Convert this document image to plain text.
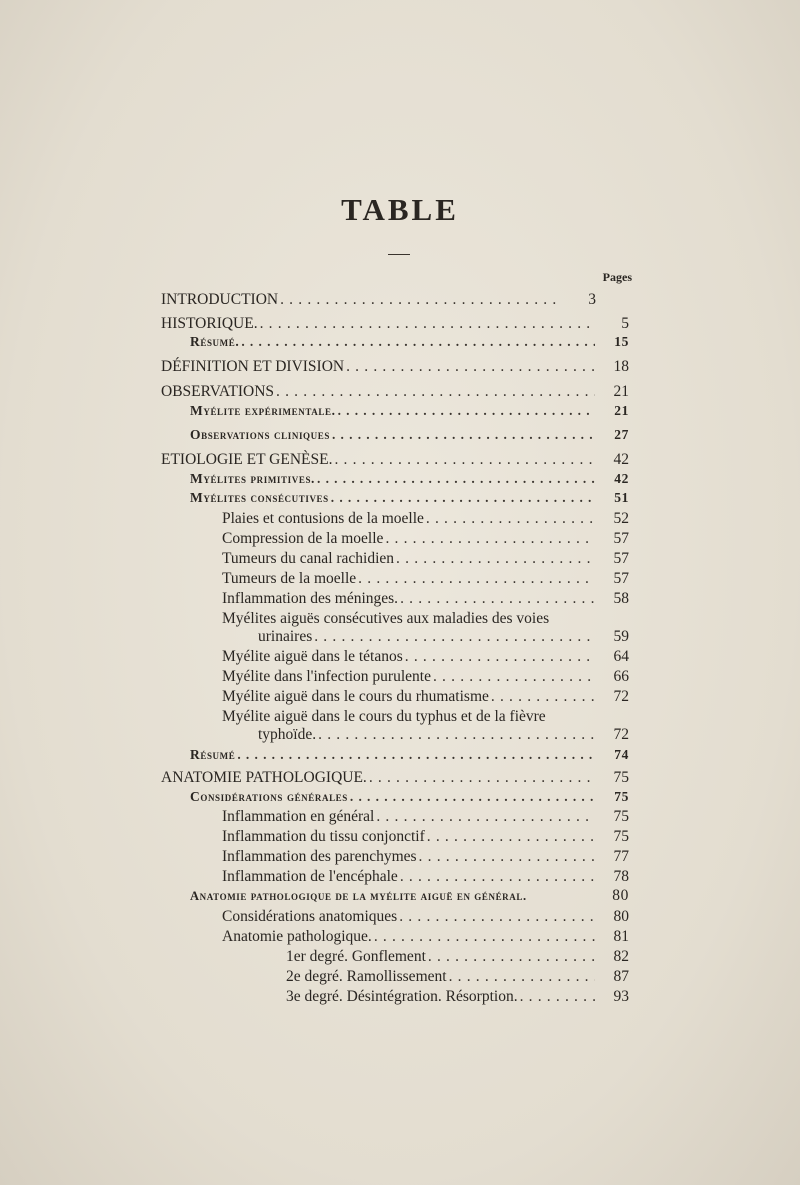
TABLE
Pages
INTRODUCTION .....	3
HISTORIQUE. .....	5
Résumé. .....	15
DÉFINITION ET DIVISION .....	18
OBSERVATIONS .....	21
Myélite expérimentale. .....	21
Observations cliniques .....	27
ETIOLOGIE ET GENÈSE. .....	42
Myélites primitives. .....	42
Myélites consécutives .....	51
Plaies et contusions de la moelle .....	52
Compression de la moelle .....	57
Tumeurs du canal rachidien .....	57
Tumeurs de la moelle .....	57
Inflammation des méninges. .....	58
Myélites aiguës consécutives aux maladies des voies
urinaires .....	59
Myélite aiguë dans le tétanos .....	64
Myélite dans l'infection purulente .....	66
Myélite aiguë dans le cours du rhumatisme .....	72
Myélite aiguë dans le cours du typhus et de la fièvre
typhoïde. .....	72
Résumé .....	74
ANATOMIE PATHOLOGIQUE. .....	75
Considérations générales .....	75
Inflammation en général .....	75
Inflammation du tissu conjonctif .....	75
Inflammation des parenchymes .....	77
Inflammation de l'encéphale .....	78
Anatomie pathologique de la myélite aiguë en général.	80
Considérations anatomiques .....	80
Anatomie pathologique. .....	81
1er degré. Gonflement .....	82
2e degré. Ramollissement .....	87
3e degré. Désintégration. Résorption. .....	93
